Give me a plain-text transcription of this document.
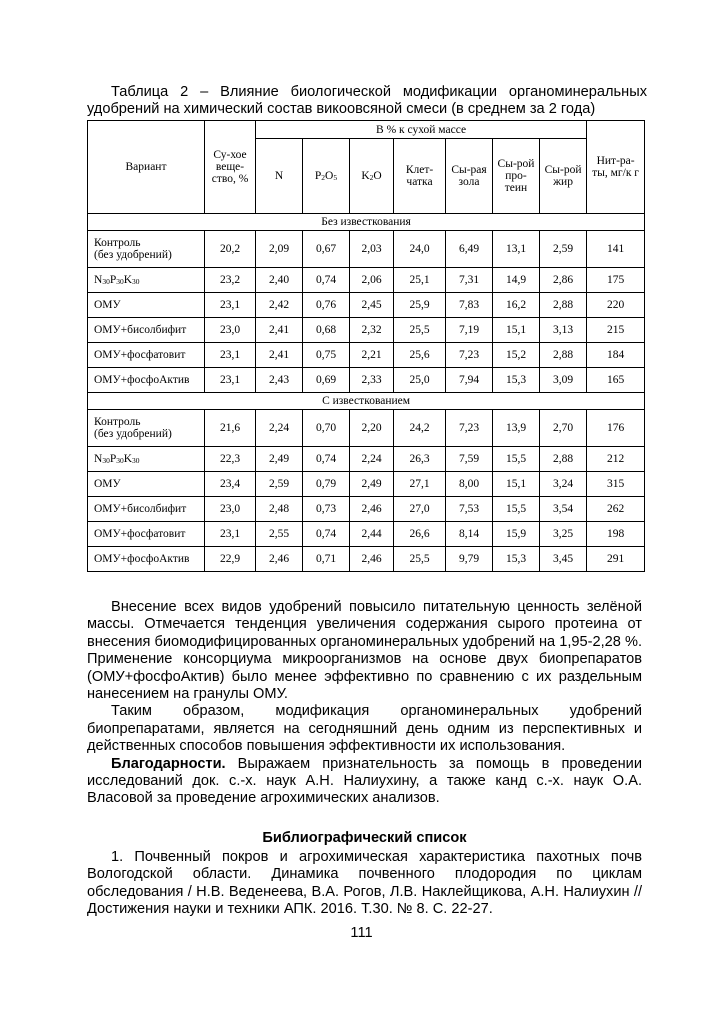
Таблица 2 – Влияние биологической модификации органоминеральных
удобрений на химический состав викоовсяной смеси (в среднем за 2 года)
Вариант	Су-хое веще-ство, %	В % к сухой массе							Нит-ра-ты, мг/к г
		N	$P_2O_5$	$K_2O$	Клет-чатка	Сы-рая зола	Сы-рой про-теин	Сы-рой жир	
Без известкования									
Контроль
(без удобрений)	20,2	2,09	0,67	2,03	24,0	6,49	13,1	2,59	141
$N_{30}P_{30}K_{30}$	23,2	2,40	0,74	2,06	25,1	7,31	14,9	2,86	175
ОМУ	23,1	2,42	0,76	2,45	25,9	7,83	16,2	2,88	220
ОМУ+бисолбифит	23,0	2,41	0,68	2,32	25,5	7,19	15,1	3,13	215
ОМУ+фосфатовит	23,1	2,41	0,75	2,21	25,6	7,23	15,2	2,88	184
ОМУ+фосфоАктив	23,1	2,43	0,69	2,33	25,0	7,94	15,3	3,09	165
С известкованием									
Контроль
(без удобрений)	21,6	2,24	0,70	2,20	24,2	7,23	13,9	2,70	176
$N_{30}P_{30}K_{30}$	22,3	2,49	0,74	2,24	26,3	7,59	15,5	2,88	212
ОМУ	23,4	2,59	0,79	2,49	27,1	8,00	15,1	3,24	315
ОМУ+бисолбифит	23,0	2,48	0,73	2,46	27,0	7,53	15,5	3,54	262
ОМУ+фосфатовит	23,1	2,55	0,74	2,44	26,6	8,14	15,9	3,25	198
ОМУ+фосфоАктив	22,9	2,46	0,71	2,46	25,5	9,79	15,3	3,45	291

Внесение всех видов удобрений повысило питательную ценность зелёной массы. Отмечается тенденция увеличения содержания сырого протеина от внесения биомодифицированных органоминеральных удобрений на 1,95-2,28 %. Применение консорциума микроорганизмов на основе двух биопрепаратов (ОМУ+фосфоАктив) было менее эффективно по сравнению с их раздельным нанесением на гранулы ОМУ.

Таким образом, модификация органоминеральных удобрений биопрепаратами, является на сегодняшний день одним из перспективных и действенных способов повышения эффективности их использования.

Благодарности. Выражаем признательность за помощь в проведении исследований док. с.-х. наук А.Н. Налиухину, а также канд с.-х. наук О.А. Власовой за проведение агрохимических анализов.

Библиографический список

1. Почвенный покров и агрохимическая характеристика пахотных почв Вологодской области. Динамика почвенного плодородия по циклам обследования / Н.В. Веденеева, В.А. Рогов, Л.В. Наклейщикова, А.Н. Налиухин // Достижения науки и техники АПК. 2016. Т.30. № 8. С. 22-27.

111
